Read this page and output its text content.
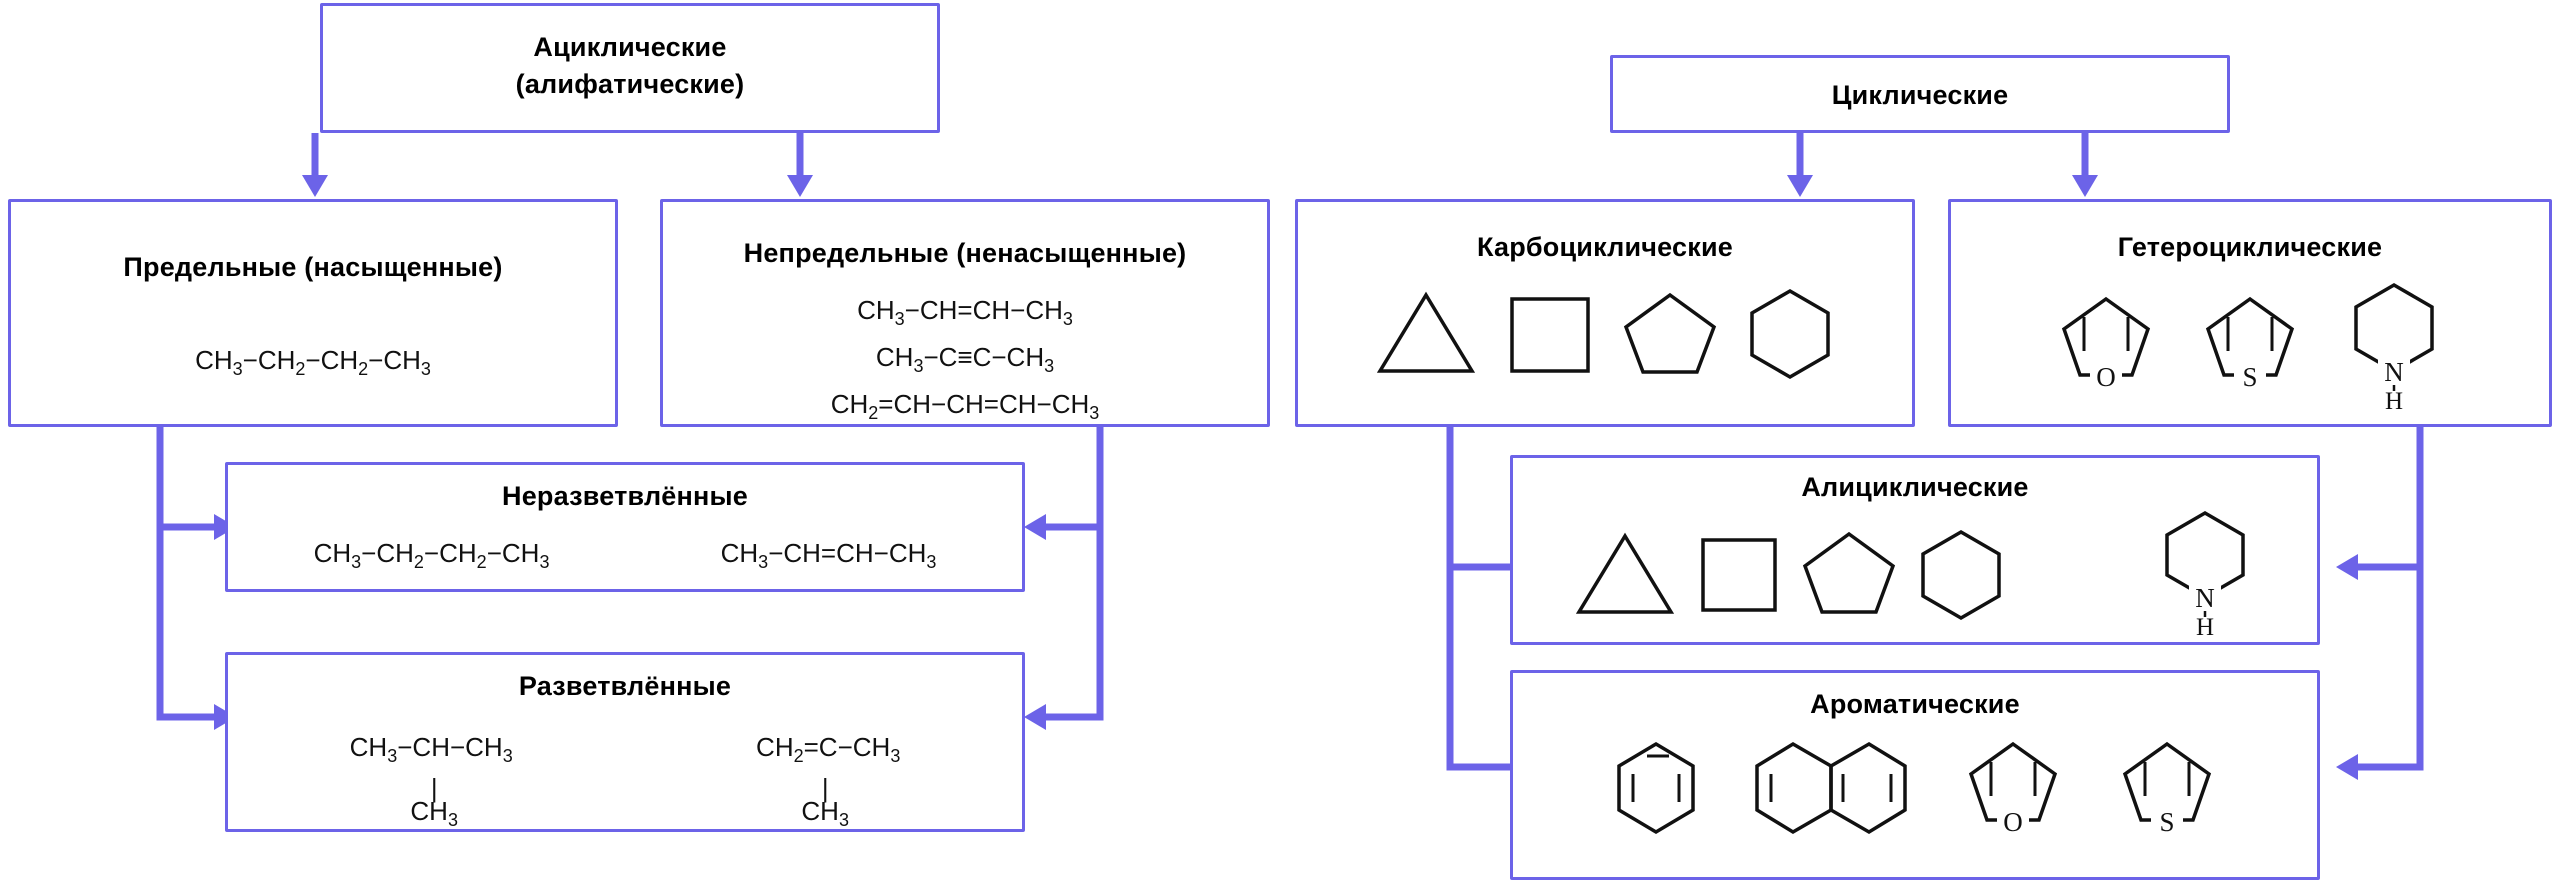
Ациклические
(алифатические)
Предельные (насыщенные)
$CH_3-CH_2-CH_2-CH_3$
Непредельные (ненасыщенные)
$CH_3-CH=CH-CH_3$
$CH_3-C\equiv C-CH_3$
$CH_2=CH-CH=CH-CH_3$
Неразветвлённые
$CH_3-CH_2-CH_2-CH_3$	$CH_3-CH=CH-CH_3$
Разветвлённые
$CH_3-CH-CH_3$
|
$CH_3$
$CH_2=C-CH_3$
|
$CH_3$
Циклические
Карбоциклические	Гетероциклические
O	S	N
H
Алициклические
N
H
Ароматические
O	S
